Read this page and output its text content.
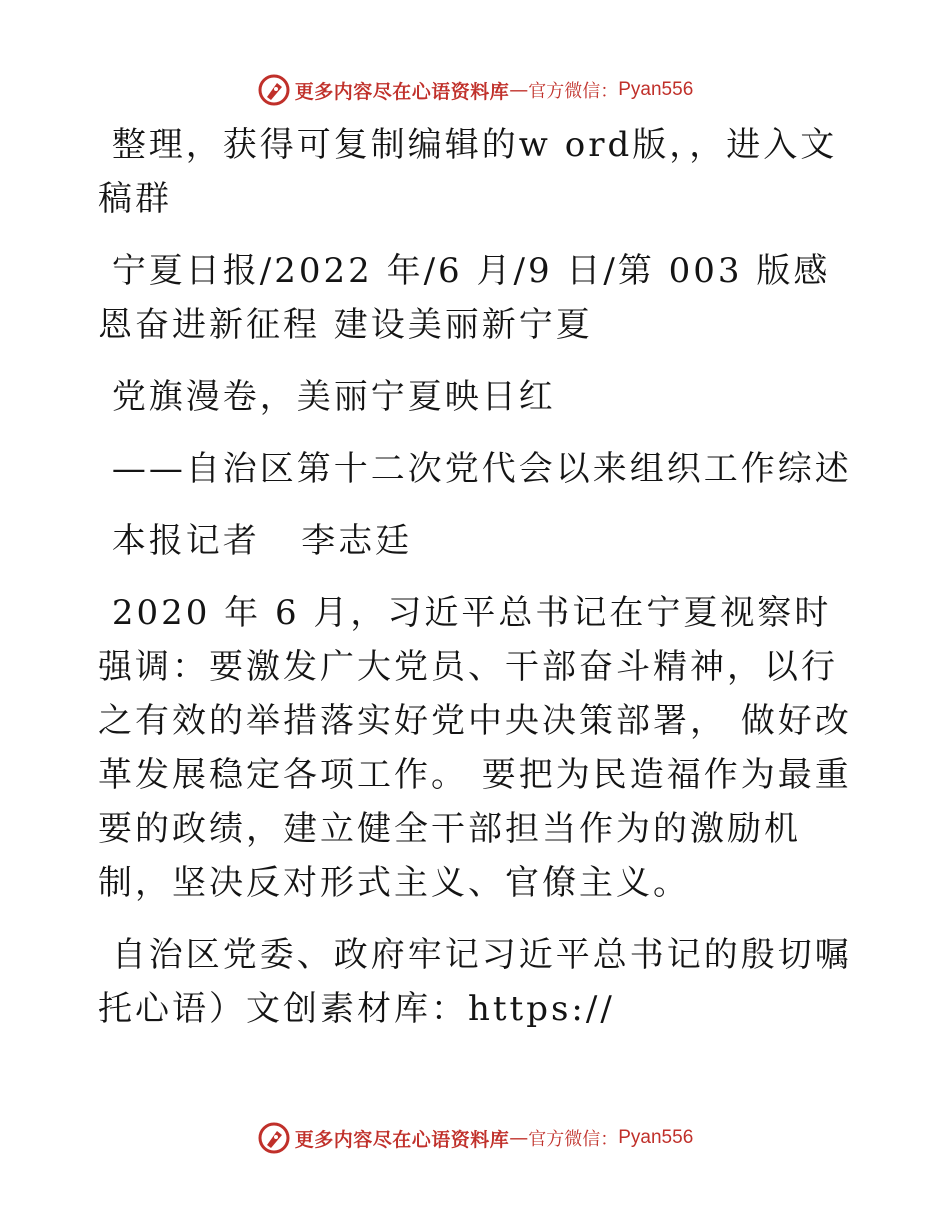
更多内容尽在心语资料库 — 官方微信： Pyan556

整理，获得可复制编辑的w ord版，，进入文稿群

宁夏日报/2022 年/6 月/9 日/第 003 版感恩奋进新征程 建设美丽新宁夏

党旗漫卷，美丽宁夏映日红

——自治区第十二次党代会以来组织工作综述

本报记者   李志廷

2020 年 6 月，习近平总书记在宁夏视察时强调：要激发广大党员、干部奋斗精神，以行之有效的举措落实好党中央决策部署， 做好改革发展稳定各项工作。 要把为民造福作为最重要的政绩，建立健全干部担当作为的激励机制，坚决反对形式主义、官僚主义。

自治区党委、政府牢记习近平总书记的殷切嘱托心语）文创素材库：https://

更多内容尽在心语资料库 — 官方微信： Pyan556
